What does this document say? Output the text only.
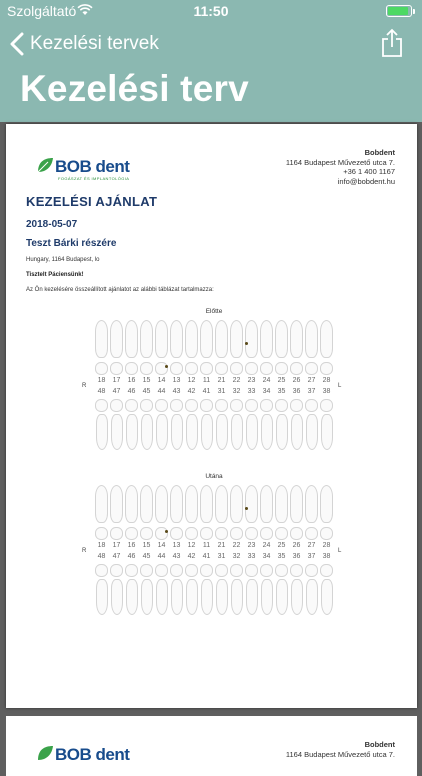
Szolgáltató	11:50
Kezelési tervek
Kezelési terv
BOB dent
FOGÁSZAT ÉS IMPLANTOLÓGIA
Bobdent
1164 Budapest Művezető utca 7.
+36 1 400 1167
info@bobdent.hu
KEZELÉSI AJÁNLAT
2018-05-07
Teszt Bárki részére
Hungary, 1164 Budapest, lo
Tisztelt Páciensünk!
Az Ön kezelésére összeállított ajánlatot az alábbi táblázat tartalmazza:
Előtte
18	17	16	15	14	13	12	11	21	22	23	24	25	26	27	28
48	47	46	45	44	43	42	41	31	32	33	34	35	36	37	38
R	L
Utána
18	17	16	15	14	13	12	11	21	22	23	24	25	26	27	28
48	47	46	45	44	43	42	41	31	32	33	34	35	36	37	38
R	L
BOB dent
Bobdent
1164 Budapest Művezető utca 7.
